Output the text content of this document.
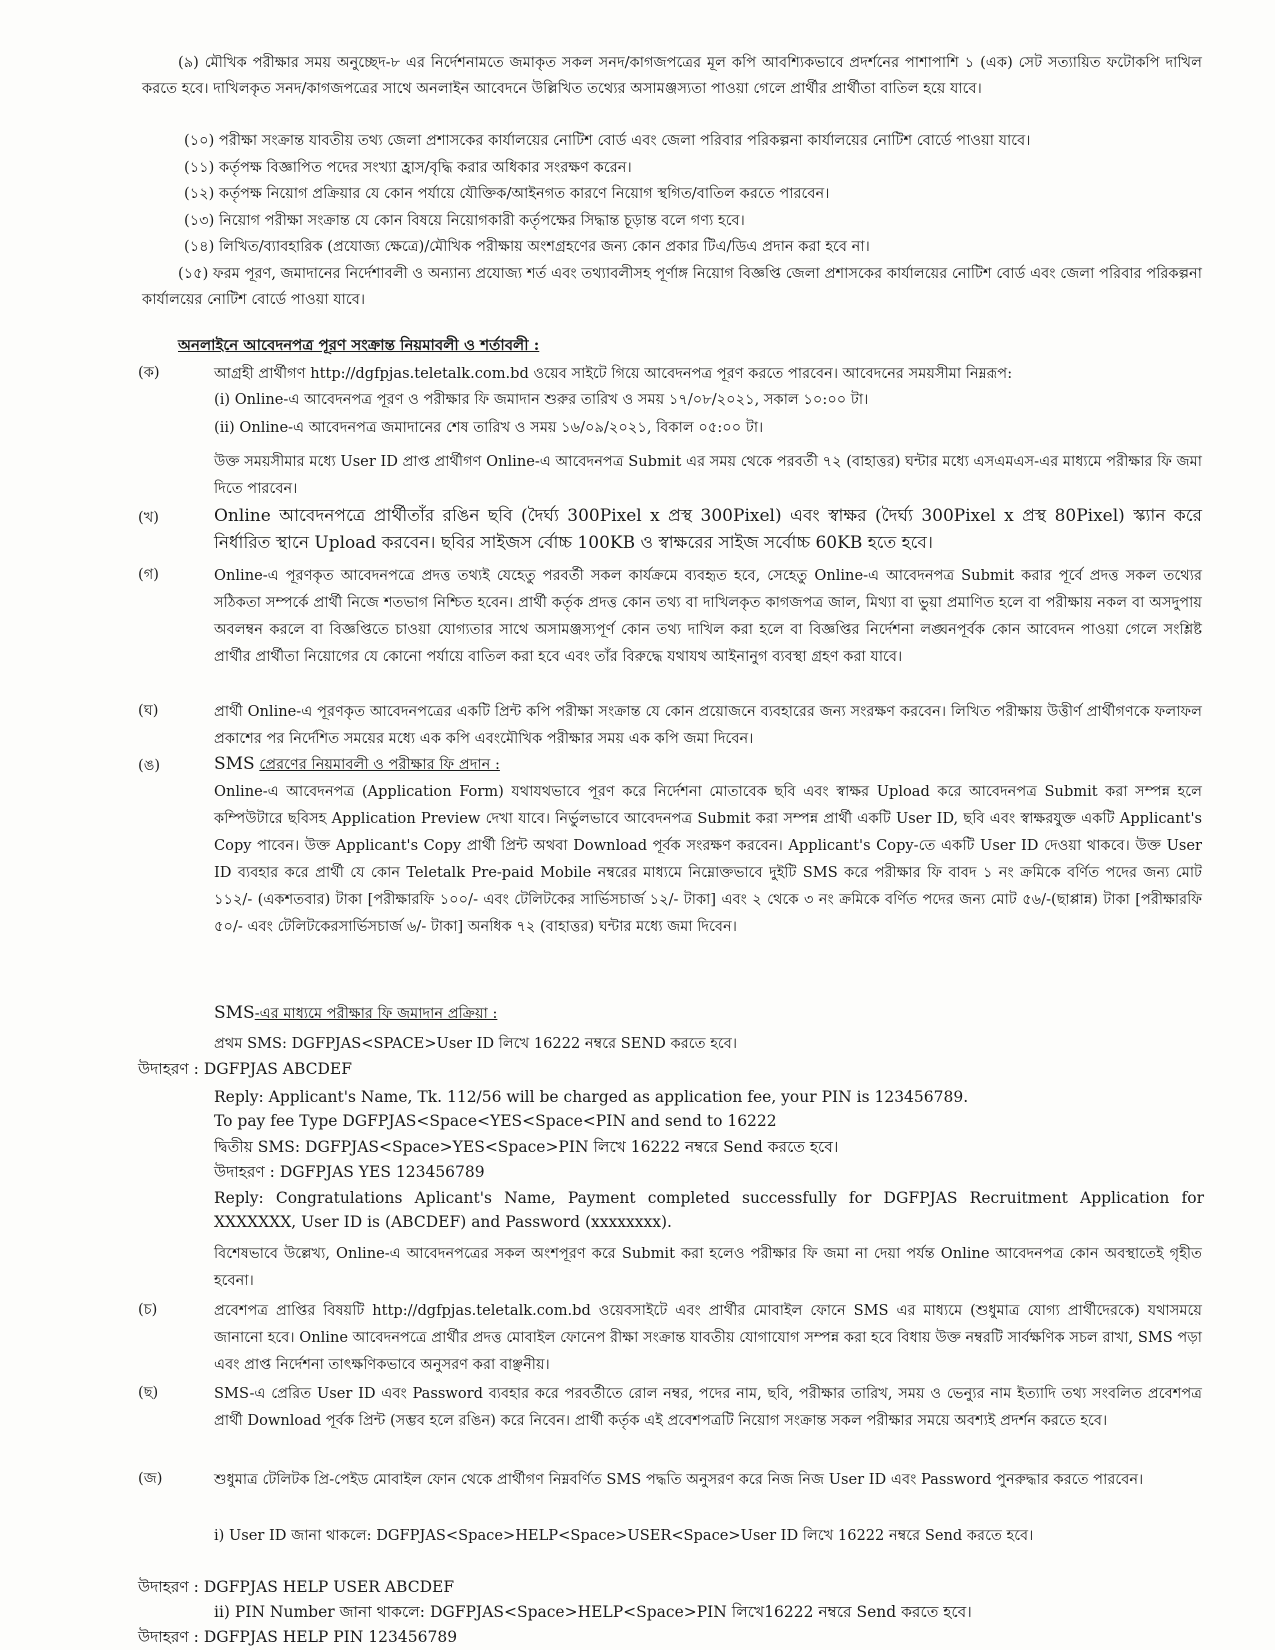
(৯) মৌখিক পরীক্ষার সময় অনুচ্ছেদ-৮ এর নির্দেশনামতে জমাকৃত সকল সনদ/কাগজপত্রের মূল কপি আবশ্যিকভাবে প্রদর্শনের পাশাপাশি ১ (এক) সেট সত্যায়িত ফটোকপি দাখিল করতে হবে। দাখিলকৃত সনদ/কাগজপত্রের সাথে অনলাইন আবেদনে উল্লিখিত তথ্যের অসামঞ্জস্যতা পাওয়া গেলে প্রার্থীর প্রার্থীতা বাতিল হয়ে যাবে।

(১০) পরীক্ষা সংক্রান্ত যাবতীয় তথ্য জেলা প্রশাসকের কার্যালয়ের নোটিশ বোর্ড এবং জেলা পরিবার পরিকল্পনা কার্যালয়ের নোটিশ বোর্ডে পাওয়া যাবে।

(১১) কর্তৃপক্ষ বিজ্ঞাপিত পদের সংখ্যা হ্রাস/বৃদ্ধি করার অধিকার সংরক্ষণ করেন।

(১২) কর্তৃপক্ষ নিয়োগ প্রক্রিয়ার যে কোন পর্যায়ে যৌক্তিক/আইনগত কারণে নিয়োগ স্থগিত/বাতিল করতে পারবেন।

(১৩) নিয়োগ পরীক্ষা সংক্রান্ত যে কোন বিষয়ে নিয়োগকারী কর্তৃপক্ষের সিদ্ধান্ত চূড়ান্ত বলে গণ্য হবে।

(১৪) লিখিত/ব্যাবহারিক (প্রযোজ্য ক্ষেত্রে)/মৌখিক পরীক্ষায় অংশগ্রহণের জন্য কোন প্রকার টিএ/ডিএ প্রদান করা হবে না।

(১৫) ফরম পূরণ, জমাদানের নির্দেশাবলী ও অন্যান্য প্রযোজ্য শর্ত এবং তথ্যাবলীসহ পূর্ণাঙ্গ নিয়োগ বিজ্ঞপ্তি জেলা প্রশাসকের কার্যালয়ের নোটিশ বোর্ড এবং জেলা পরিবার পরিকল্পনা কার্যালয়ের নোটিশ বোর্ডে পাওয়া যাবে।

অনলাইনে আবেদনপত্র পূরণ সংক্রান্ত নিয়মাবলী ও শর্তাবলী :

(ক)	আগ্রহী প্রার্থীগণ http://dgfpjas.teletalk.com.bd ওয়েব সাইটে গিয়ে আবেদনপত্র পূরণ করতে পারবেন। আবেদনের সময়সীমা নিম্নরূপ:

(i) Online-এ আবেদনপত্র পূরণ ও পরীক্ষার ফি জমাদান শুরুর তারিখ ও সময় ১৭/০৮/২০২১, সকাল ১০:০০ টা।

(ii) Online-এ আবেদনপত্র জমাদানের শেষ তারিখ ও সময় ১৬/০৯/২০২১, বিকাল ০৫:০০ টা।

উক্ত সময়সীমার মধ্যে User ID প্রাপ্ত প্রার্থীগণ Online-এ আবেদনপত্র Submit এর সময় থেকে পরবর্তী ৭২ (বাহাত্তর) ঘন্টার মধ্যে এসএমএস-এর মাধ্যমে পরীক্ষার ফি জমা দিতে পারবেন।

(খ)	Online আবেদনপত্রে প্রার্থীতাঁর রঙিন ছবি (দৈর্ঘ্য 300Pixel x প্রস্থ 300Pixel) এবং স্বাক্ষর (দৈর্ঘ্য 300Pixel x প্রস্থ 80Pixel) স্ক্যান করে নির্ধারিত স্থানে Upload করবেন। ছবির সাইজস র্বোচ্চ 100KB ও স্বাক্ষরের সাইজ সর্বোচ্চ 60KB হতে হবে।

(গ)	Online-এ পূরণকৃত আবেদনপত্রে প্রদত্ত তথ্যই যেহেতু পরবর্তী সকল কার্যক্রমে ব্যবহৃত হবে, সেহেতু Online-এ আবেদনপত্র Submit করার পূর্বে প্রদত্ত সকল তথ্যের সঠিকতা সম্পর্কে প্রার্থী নিজে শতভাগ নিশ্চিত হবেন। প্রার্থী কর্তৃক প্রদত্ত কোন তথ্য বা দাখিলকৃত কাগজপত্র জাল, মিথ্যা বা ভুয়া প্রমাণিত হলে বা পরীক্ষায় নকল বা অসদুপায় অবলম্বন করলে বা বিজ্ঞপ্তিতে চাওয়া যোগ্যতার সাথে অসামঞ্জস্যপূর্ণ কোন তথ্য দাখিল করা হলে বা বিজ্ঞপ্তির নির্দেশনা লঙ্ঘনপূর্বক কোন আবেদন পাওয়া গেলে সংশ্লিষ্ট প্রার্থীর প্রার্থীতা নিয়োগের যে কোনো পর্যায়ে বাতিল করা হবে এবং তাঁর বিরুদ্ধে যথাযথ আইনানুগ ব্যবস্থা গ্রহণ করা যাবে।

(ঘ)	প্রার্থী Online-এ পূরণকৃত আবেদনপত্রের একটি প্রিন্ট কপি পরীক্ষা সংক্রান্ত যে কোন প্রয়োজনে ব্যবহারের জন্য সংরক্ষণ করবেন। লিখিত পরীক্ষায় উত্তীর্ণ প্রার্থীগণকে ফলাফল প্রকাশের পর নির্দেশিত সময়ের মধ্যে এক কপি এবংমৌখিক পরীক্ষার সময় এক কপি জমা দিবেন।

(ঙ)	SMS প্রেরণের নিয়মাবলী ও পরীক্ষার ফি প্রদান :

Online-এ আবেদনপত্র (Application Form) যথাযথভাবে পূরণ করে নির্দেশনা মোতাবেক ছবি এবং স্বাক্ষর Upload করে আবেদনপত্র Submit করা সম্পন্ন হলে কম্পিউটারে ছবিসহ Application Preview দেখা যাবে। নির্ভুলভাবে আবেদনপত্র Submit করা সম্পন্ন প্রার্থী একটি User ID, ছবি এবং স্বাক্ষরযুক্ত একটি Applicant's Copy পাবেন। উক্ত Applicant's Copy প্রার্থী প্রিন্ট অথবা Download পূর্বক সংরক্ষণ করবেন। Applicant's Copy-তে একটি User ID দেওয়া থাকবে। উক্ত User ID ব্যবহার করে প্রার্থী যে কোন Teletalk Pre-paid Mobile নম্বরের মাধ্যমে নিম্নোক্তভাবে দুইটি SMS করে পরীক্ষার ফি বাবদ ১ নং ক্রমিকে বর্ণিত পদের জন্য মোট ১১২/- (একশতবার) টাকা [পরীক্ষারফি ১০০/- এবং টেলিটকের সার্ভিসচার্জ ১২/- টাকা] এবং ২ থেকে ৩ নং ক্রমিকে বর্ণিত পদের জন্য মোট ৫৬/-(ছাপ্পান্ন) টাকা [পরীক্ষারফি ৫০/- এবং টেলিটকেরসার্ভিসচার্জ ৬/- টাকা] অনধিক ৭২ (বাহাত্তর) ঘন্টার মধ্যে জমা দিবেন।

SMS-এর মাধ্যমে পরীক্ষার ফি জমাদান প্রক্রিয়া :

প্রথম SMS: DGFPJAS<SPACE>User ID লিখে 16222 নম্বরে SEND করতে হবে।

উদাহরণ : DGFPJAS ABCDEF

Reply: Applicant's Name, Tk. 112/56 will be charged as application fee, your PIN is 123456789.

To pay fee Type DGFPJAS<Space<YES<Space<PIN and send to 16222

দ্বিতীয় SMS: DGFPJAS<Space>YES<Space>PIN লিখে 16222 নম্বরে Send করতে হবে।

উদাহরণ : DGFPJAS YES 123456789

Reply: Congratulations Aplicant's Name, Payment completed successfully for DGFPJAS Recruitment Application for XXXXXXX, User ID is (ABCDEF) and Password (xxxxxxxx).

বিশেষভাবে উল্লেখ্য, Online-এ আবেদনপত্রের সকল অংশপূরণ করে Submit করা হলেও পরীক্ষার ফি জমা না দেয়া পর্যন্ত Online আবেদনপত্র কোন অবস্থাতেই গৃহীত হবেনা।

(চ)	প্রবেশপত্র প্রাপ্তির বিষয়টি http://dgfpjas.teletalk.com.bd ওয়েবসাইটে এবং প্রার্থীর মোবাইল ফোনে SMS এর মাধ্যমে (শুধুমাত্র যোগ্য প্রার্থীদেরকে) যথাসময়ে জানানো হবে। Online আবেদনপত্রে প্রার্থীর প্রদত্ত মোবাইল ফোনেপ রীক্ষা সংক্রান্ত যাবতীয় যোগাযোগ সম্পন্ন করা হবে বিধায় উক্ত নম্বরটি সার্বক্ষণিক সচল রাখা, SMS পড়া এবং প্রাপ্ত নির্দেশনা তাৎক্ষণিকভাবে অনুসরণ করা বাঞ্ছনীয়।

(ছ)	SMS-এ প্রেরিত User ID এবং Password ব্যবহার করে পরবর্তীতে রোল নম্বর, পদের নাম, ছবি, পরীক্ষার তারিখ, সময় ও ভেন্যুর নাম ইত্যাদি তথ্য সংবলিত প্রবেশপত্র প্রার্থী Download পূর্বক প্রিন্ট (সম্ভব হলে রঙিন) করে নিবেন। প্রার্থী কর্তৃক এই প্রবেশপত্রটি নিয়োগ সংক্রান্ত সকল পরীক্ষার সময়ে অবশ্যই প্রদর্শন করতে হবে।

(জ)	শুধুমাত্র টেলিটক প্রি-পেইড মোবাইল ফোন থেকে প্রার্থীগণ নিম্নবর্ণিত SMS পদ্ধতি অনুসরণ করে নিজ নিজ User ID এবং Password পুনরুদ্ধার করতে পারবেন।

i) User ID জানা থাকলে: DGFPJAS<Space>HELP<Space>USER<Space>User ID লিখে 16222 নম্বরে Send করতে হবে।

উদাহরণ : DGFPJAS HELP USER ABCDEF

ii) PIN Number জানা থাকলে: DGFPJAS<Space>HELP<Space>PIN লিখে16222 নম্বরে Send করতে হবে।

উদাহরণ : DGFPJAS HELP PIN 123456789
